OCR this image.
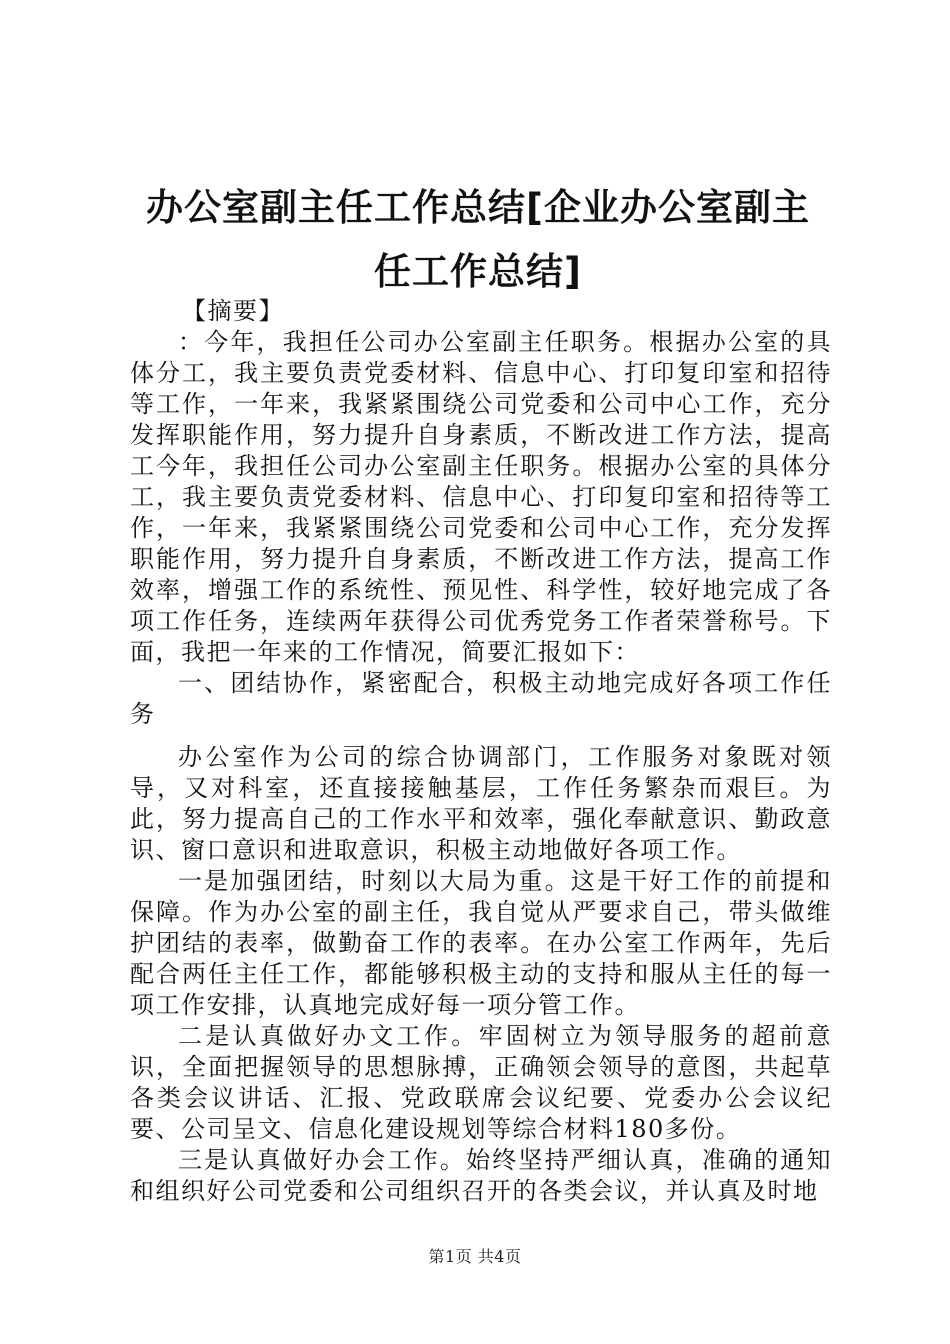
办公室副主任工作总结[企业办公室副主任工作总结]

【摘要】

：今年，我担任公司办公室副主任职务。根据办公室的具体分工，我主要负责党委材料、信息中心、打印复印室和招待等工作，一年来，我紧紧围绕公司党委和公司中心工作，充分发挥职能作用，努力提升自身素质，不断改进工作方法，提高工今年，我担任公司办公室副主任职务。根据办公室的具体分工，我主要负责党委材料、信息中心、打印复印室和招待等工作，一年来，我紧紧围绕公司党委和公司中心工作，充分发挥职能作用，努力提升自身素质，不断改进工作方法，提高工作效率，增强工作的系统性、预见性、科学性，较好地完成了各项工作任务，连续两年获得公司优秀党务工作者荣誉称号。下面，我把一年来的工作情况，简要汇报如下：

一、团结协作，紧密配合，积极主动地完成好各项工作任务

办公室作为公司的综合协调部门，工作服务对象既对领导，又对科室，还直接接触基层，工作任务繁杂而艰巨。为此，努力提高自己的工作水平和效率，强化奉献意识、勤政意识、窗口意识和进取意识，积极主动地做好各项工作。

一是加强团结，时刻以大局为重。这是干好工作的前提和保障。作为办公室的副主任，我自觉从严要求自己，带头做维护团结的表率，做勤奋工作的表率。在办公室工作两年，先后配合两任主任工作，都能够积极主动的支持和服从主任的每一项工作安排，认真地完成好每一项分管工作。

二是认真做好办文工作。牢固树立为领导服务的超前意识，全面把握领导的思想脉搏，正确领会领导的意图，共起草各类会议讲话、汇报、党政联席会议纪要、党委办公会议纪要、公司呈文、信息化建设规划等综合材料180多份。

三是认真做好办会工作。始终坚持严细认真，准确的通知和组织好公司党委和公司组织召开的各类会议，并认真及时地

第1页 共4页
